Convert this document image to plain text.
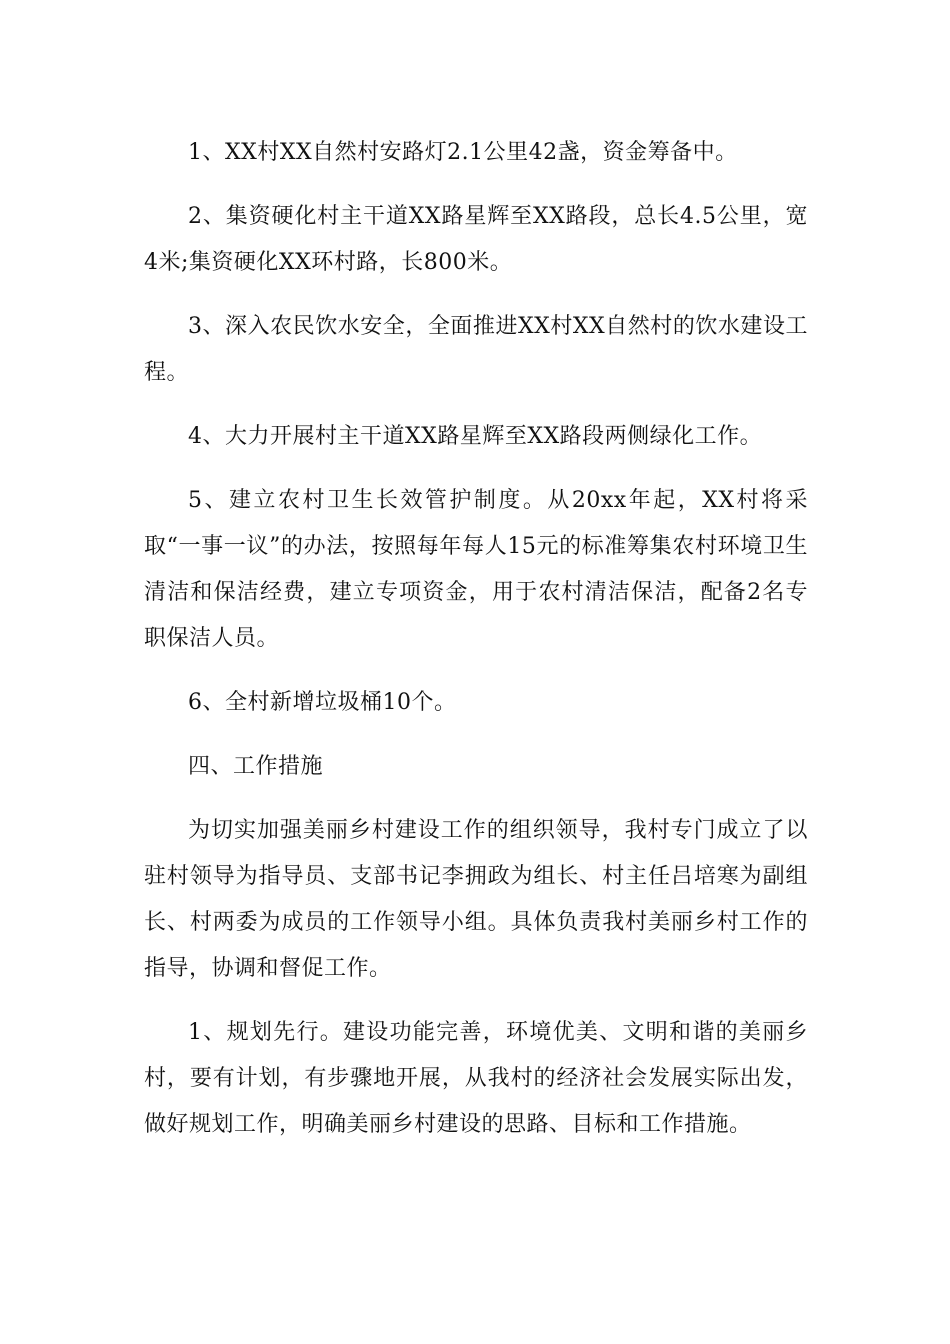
1、XX村XX自然村安路灯2.1公里42盏，资金筹备中。

2、集资硬化村主干道XX路星辉至XX路段，总长4.5公里，宽4米;集资硬化XX环村路，长800米。

3、深入农民饮水安全，全面推进XX村XX自然村的饮水建设工程。

4、大力开展村主干道XX路星辉至XX路段两侧绿化工作。

5、建立农村卫生长效管护制度。从20xx年起，XX村将采取“一事一议”的办法，按照每年每人15元的标准筹集农村环境卫生清洁和保洁经费，建立专项资金，用于农村清洁保洁，配备2名专职保洁人员。

6、全村新增垃圾桶10个。

四、工作措施

为切实加强美丽乡村建设工作的组织领导，我村专门成立了以驻村领导为指导员、支部书记李拥政为组长、村主任吕培寒为副组长、村两委为成员的工作领导小组。具体负责我村美丽乡村工作的指导，协调和督促工作。

1、规划先行。建设功能完善，环境优美、文明和谐的美丽乡村，要有计划，有步骤地开展，从我村的经济社会发展实际出发，做好规划工作，明确美丽乡村建设的思路、目标和工作措施。
